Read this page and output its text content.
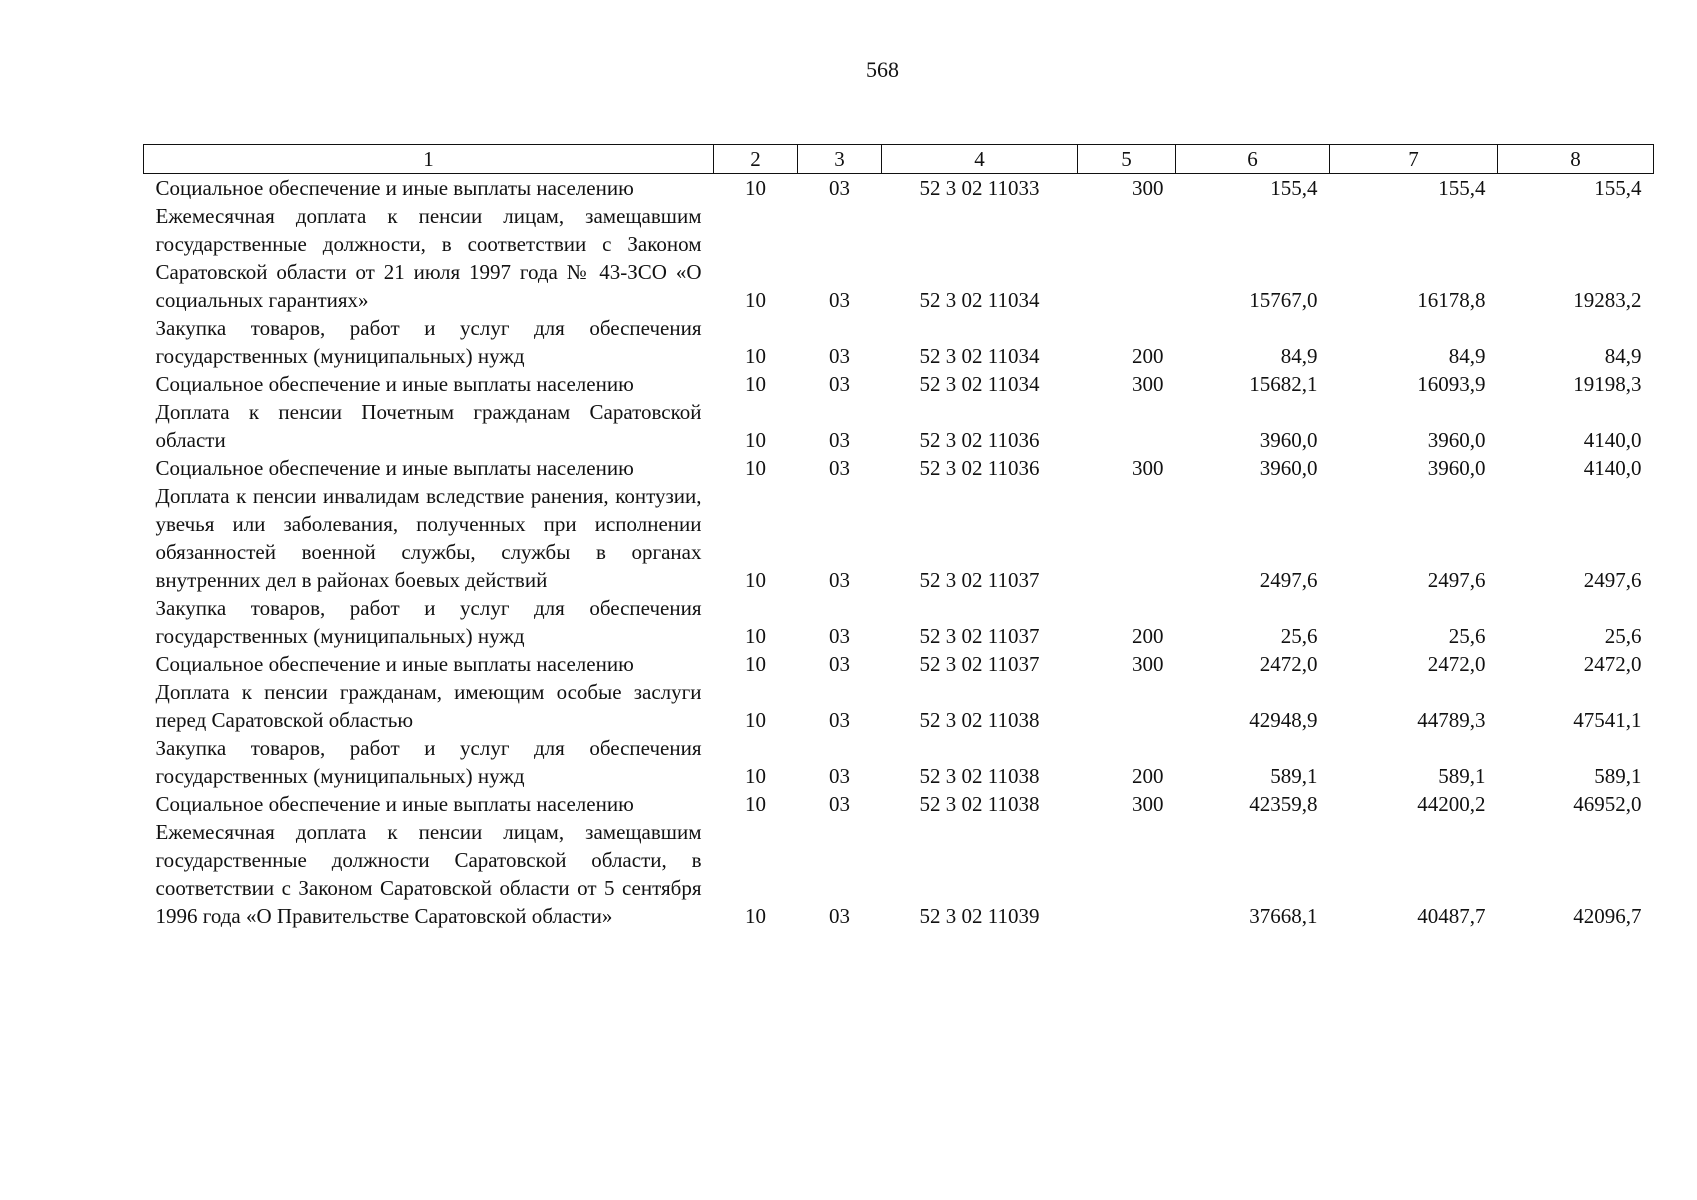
568
1	2	3	4	5	6	7	8
Социальное обеспечение и иные выплаты населению	10	03	52 3 02 11033	300	155,4	155,4	155,4
Ежемесячная доплата к пенсии лицам, замещавшим государственные должности, в соответствии с Законом Саратовской области от 21 июля 1997 года № 43-ЗСО «О социальных гарантиях»	10	03	52 3 02 11034		15767,0	16178,8	19283,2
Закупка товаров, работ и услуг для обеспечения государственных (муниципальных) нужд	10	03	52 3 02 11034	200	84,9	84,9	84,9
Социальное обеспечение и иные выплаты населению	10	03	52 3 02 11034	300	15682,1	16093,9	19198,3
Доплата к пенсии Почетным гражданам Саратовской области	10	03	52 3 02 11036		3960,0	3960,0	4140,0
Социальное обеспечение и иные выплаты населению	10	03	52 3 02 11036	300	3960,0	3960,0	4140,0
Доплата к пенсии инвалидам вследствие ранения, контузии, увечья или заболевания, полученных при исполнении обязанностей военной службы, службы в органах внутренних дел в районах боевых действий	10	03	52 3 02 11037		2497,6	2497,6	2497,6
Закупка товаров, работ и услуг для обеспечения государственных (муниципальных) нужд	10	03	52 3 02 11037	200	25,6	25,6	25,6
Социальное обеспечение и иные выплаты населению	10	03	52 3 02 11037	300	2472,0	2472,0	2472,0
Доплата к пенсии гражданам, имеющим особые заслуги перед Саратовской областью	10	03	52 3 02 11038		42948,9	44789,3	47541,1
Закупка товаров, работ и услуг для обеспечения государственных (муниципальных) нужд	10	03	52 3 02 11038	200	589,1	589,1	589,1
Социальное обеспечение и иные выплаты населению	10	03	52 3 02 11038	300	42359,8	44200,2	46952,0
Ежемесячная доплата к пенсии лицам, замещавшим государственные должности Саратовской области, в соответствии с Законом Саратовской области от 5 сентября 1996 года «О Правительстве Саратовской области»	10	03	52 3 02 11039		37668,1	40487,7	42096,7
